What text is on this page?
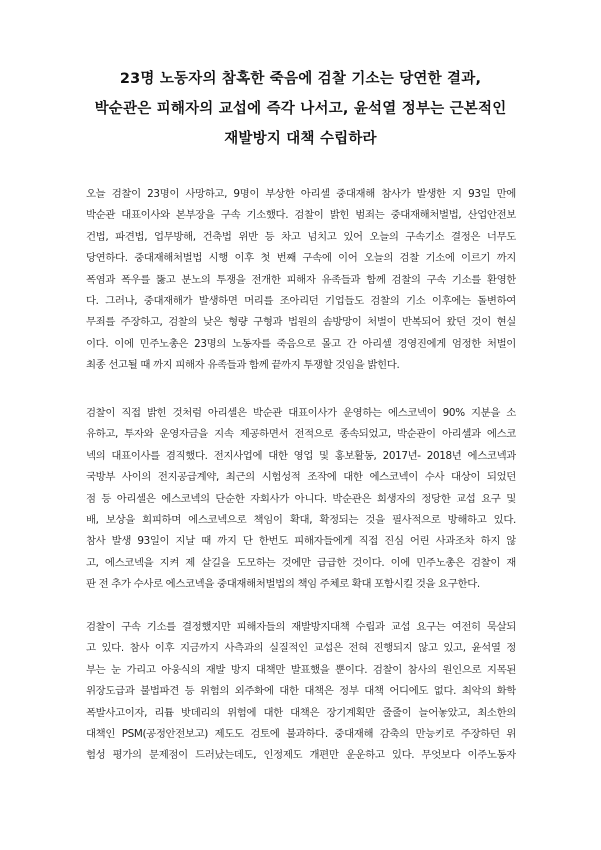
23명 노동자의 참혹한 죽음에 검찰 기소는 당연한 결과,
박순관은 피해자의 교섭에 즉각 나서고, 윤석열 정부는 근본적인
재발방지 대책 수립하라
오늘 검찰이 23명이 사망하고, 9명이 부상한 아리셀 중대재해 참사가 발생한 지 93일 만에
박순관 대표이사와 본부장을 구속 기소했다. 검찰이 밝힌 범죄는 중대재해처벌법, 산업안전보
건법, 파견법, 업무방해, 건축법 위반 등 차고 넘치고 있어 오늘의 구속기소 결정은 너무도
당연하다. 중대재해처벌법 시행 이후 첫 번째 구속에 이어 오늘의 검찰 기소에 이르기 까지
폭염과 폭우를 뚫고 분노의 투쟁을 전개한 피해자 유족들과 함께 검찰의 구속 기소를 환영한
다. 그러나, 중대재해가 발생하면 머리를 조아리던 기업들도 검찰의 기소 이후에는 돌변하여
무죄를 주장하고, 검찰의 낮은 형량 구형과 법원의 솜방망이 처벌이 반복되어 왔던 것이 현실
이다. 이에 민주노총은 23명의 노동자를 죽음으로 몰고 간 아리셀 경영진에게 엄정한 처벌이
최종 선고될 때 까지 피해자 유족들과 함께 끝까지 투쟁할 것임을 밝힌다.
검찰이 직접 밝힌 것처럼 아리셀은 박순관 대표이사가 운영하는 에스코넥이 90% 지분을 소
유하고, 투자와 운영자금을 지속 제공하면서 전적으로 종속되었고, 박순관이 아리셀과 에스코
넥의 대표이사를 겸직했다. 전지사업에 대한 영업 및 홍보활동, 2017년- 2018년 에스코넥과
국방부 사이의 전지공급계약, 최근의 시험성적 조작에 대한 에스코넥이 수사 대상이 되었던
점 등 아리셀은 에스코넥의 단순한 자회사가 아니다. 박순관은 희생자의 정당한 교섭 요구 및
배, 보상을 회피하며 에스코넥으로 책임이 확대, 확정되는 것을 필사적으로 방해하고 있다.
참사 발생 93일이 지날 때 까지 단 한번도 피해자들에게 직접 진심 어린 사과조차 하지 않
고, 에스코넥을 지켜 제 살길을 도모하는 것에만 급급한 것이다. 이에 민주노총은 검찰이 재
판 전 추가 수사로 에스코넥을 중대재해처벌법의 책임 주체로 확대 포함시킬 것을 요구한다.
검찰이 구속 기소를 결정했지만 피해자들의 재발방지대책 수립과 교섭 요구는 여전히 묵살되
고 있다. 참사 이후 지금까지 사측과의 실질적인 교섭은 전혀 진행되지 않고 있고, 윤석열 정
부는 눈 가리고 아웅식의 재발 방지 대책만 발표했을 뿐이다. 검찰이 참사의 원인으로 지목된
위장도급과 불법파견 등 위험의 외주화에 대한 대책은 정부 대책 어디에도 없다. 최악의 화학
폭발사고이자, 리튬 밧데리의 위험에 대한 대책은 장기계획만 줄줄이 늘어놓았고, 최소한의
대책인 PSM(공정안전보고) 제도도 검토에 불과하다. 중대재해 감축의 만능키로 주장하던 위
험성 평가의 문제점이 드러났는데도, 인정제도 개편만 운운하고 있다. 무엇보다 이주노동자
